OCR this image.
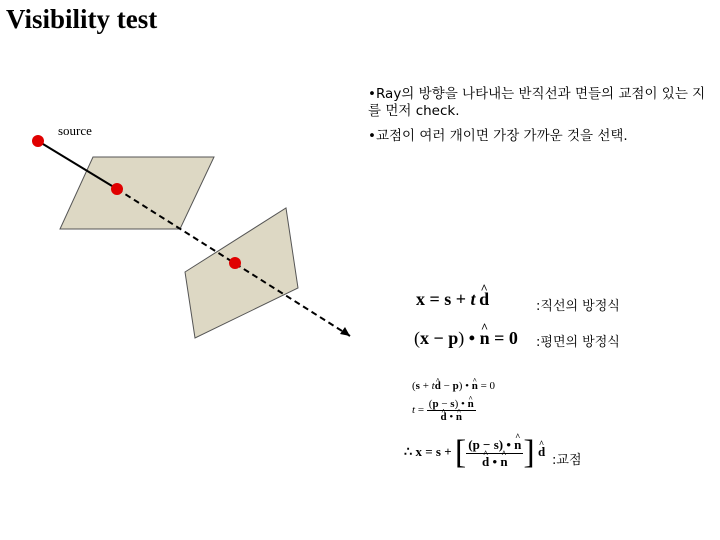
Visibility test
•Ray의 방향을 나타내는 반직선과 면들의 교점이 있는 지를 먼저 check.
•교점이 여러 개이면 가장 가까운 것을 선택.
source
x = s + t  d ^	:직선의 방정식
(x − p) • n ^ = 0 :평면의 방정식
(s + td ^ − p) • n ^ = 0
$t = \frac{(p - s) • n \^{}}{d \^{} • n}$ ^
∴ x = s + [ $\frac{(p - s) • n \^{}}{d \^{} • n}$ ^ ] d ^
:교점
